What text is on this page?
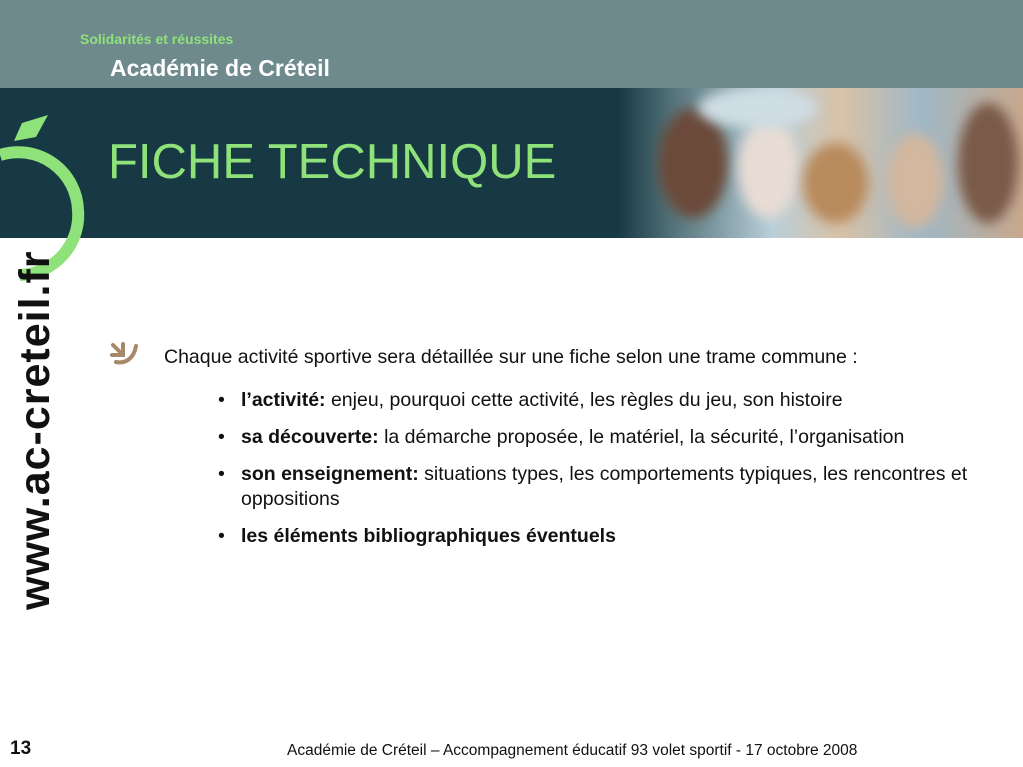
Solidarités et réussites
Académie de Créteil
FICHE TECHNIQUE
www.ac-creteil.fr	Chaque activité sportive sera détaillée sur une fiche selon une trame commune :
• l’activité: enjeu, pourquoi cette activité, les règles du jeu, son histoire
• sa découverte: la démarche proposée, le matériel, la sécurité, l’organisation
• son enseignement: situations types, les comportements typiques, les rencontres et oppositions
• les éléments bibliographiques éventuels
13	Académie de Créteil – Accompagnement éducatif 93 volet sportif - 17 octobre 2008
